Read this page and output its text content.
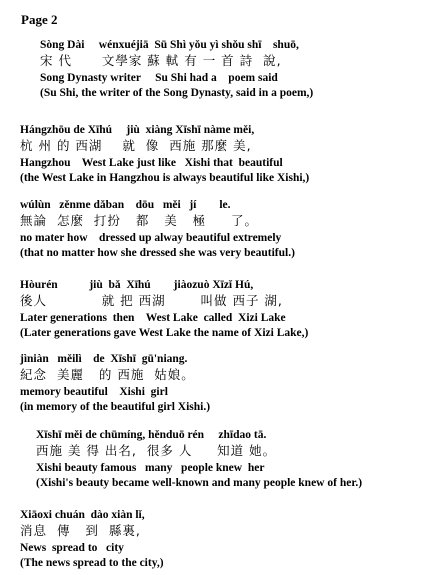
Page 2
Sòng Dài     wénxuéjiā  Sū Shì yǒu yì shǒu shī    shuō,
宋 代      文學家 蘇 軾 有 一 首 詩  說,
Song Dynasty writer     Su Shi had a    poem said
(Su Shi, the writer of the Song Dynasty, said in a poem,)
Hángzhōu de Xīhú     jiù  xiàng Xīshī nàme měi,
杭 州 的 西湖    就  像  西施 那麼 美,
Hangzhou    West Lake just like   Xishi that  beautiful
(the West Lake in Hangzhou is always beautiful like Xishi,)
wúlùn   zěnme dǎban    dōu   měi   jí        le.
無論  怎麼  打扮   都   美   極     了。
no mater how    dressed up alway beautiful extremely
(that no matter how she dressed she was very beautiful.)
Hòurén           jiù  bǎ  Xīhú        jiàozuò Xīzǐ Hú,
後人           就 把 西湖       叫做 西子 湖,
Later generations  then    West Lake  called  Xizi Lake
(Later generations gave West Lake the name of Xizi Lake,)
jìniàn   měilì    de  Xīshī  gū'niang.
紀念  美麗   的 西施  姑娘。
memory beautiful    Xishi  girl
(in memory of the beautiful girl Xishi.)
Xīshī měi de chūmíng, hěnduō rén     zhīdao tā.
西施 美 得 出名,  很多 人     知道 她。
Xishi beauty famous   many   people knew  her
(Xishi's beauty became well-known and many people knew of her.)
Xiāoxi chuán  dào xiàn lǐ,
消息  傳   到  縣裏,
News  spread to   city
(The news spread to the city,)
